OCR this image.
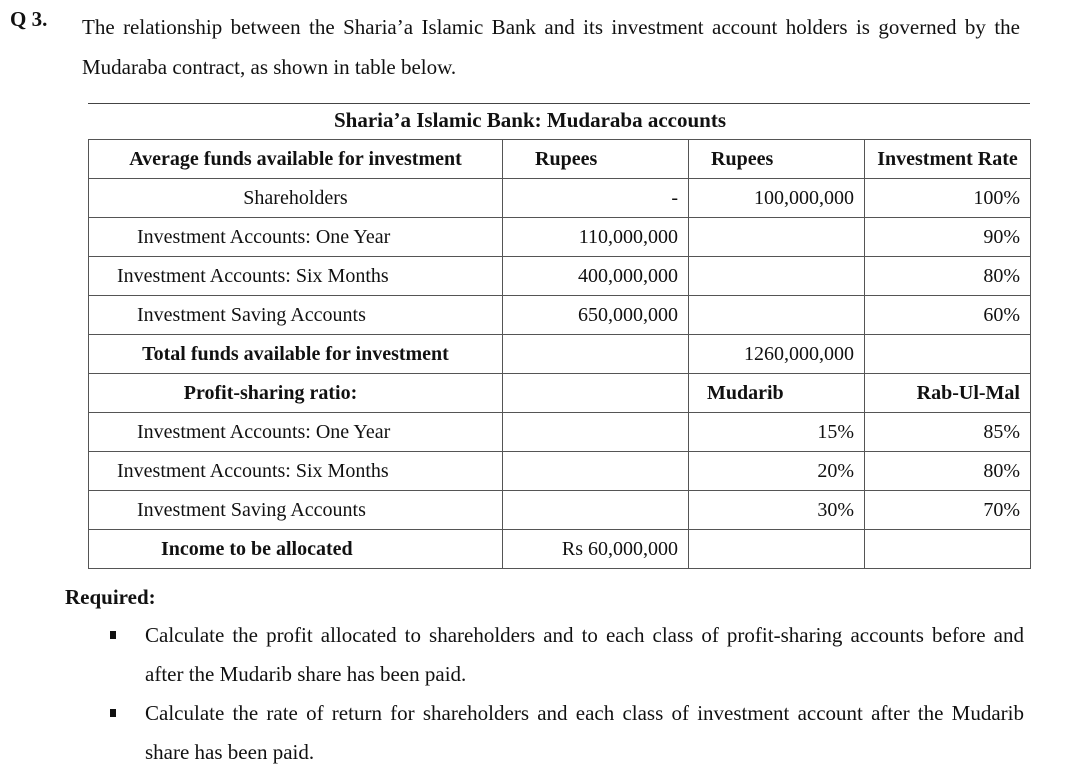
Q 3. The relationship between the Sharia’a Islamic Bank and its investment account holders is governed by the Mudaraba contract, as shown in table below.
Sharia’a Islamic Bank: Mudaraba accounts
Average funds available for investment	Rupees	Rupees	Investment Rate
Shareholders	-	100,000,000	100%
Investment Accounts: One Year	110,000,000		90%
Investment Accounts: Six Months	400,000,000		80%
Investment Saving Accounts	650,000,000		60%
Total funds available for investment		1260,000,000	
Profit-sharing ratio:		Mudarib	Rab-Ul-Mal
Investment Accounts: One Year		15%	85%
Investment Accounts: Six Months		20%	80%
Investment Saving Accounts		30%	70%
Income to be allocated	Rs 60,000,000		
Required:
Calculate the profit allocated to shareholders and to each class of profit-sharing accounts before and after the Mudarib share has been paid.
Calculate the rate of return for shareholders and each class of investment account after the Mudarib share has been paid.
